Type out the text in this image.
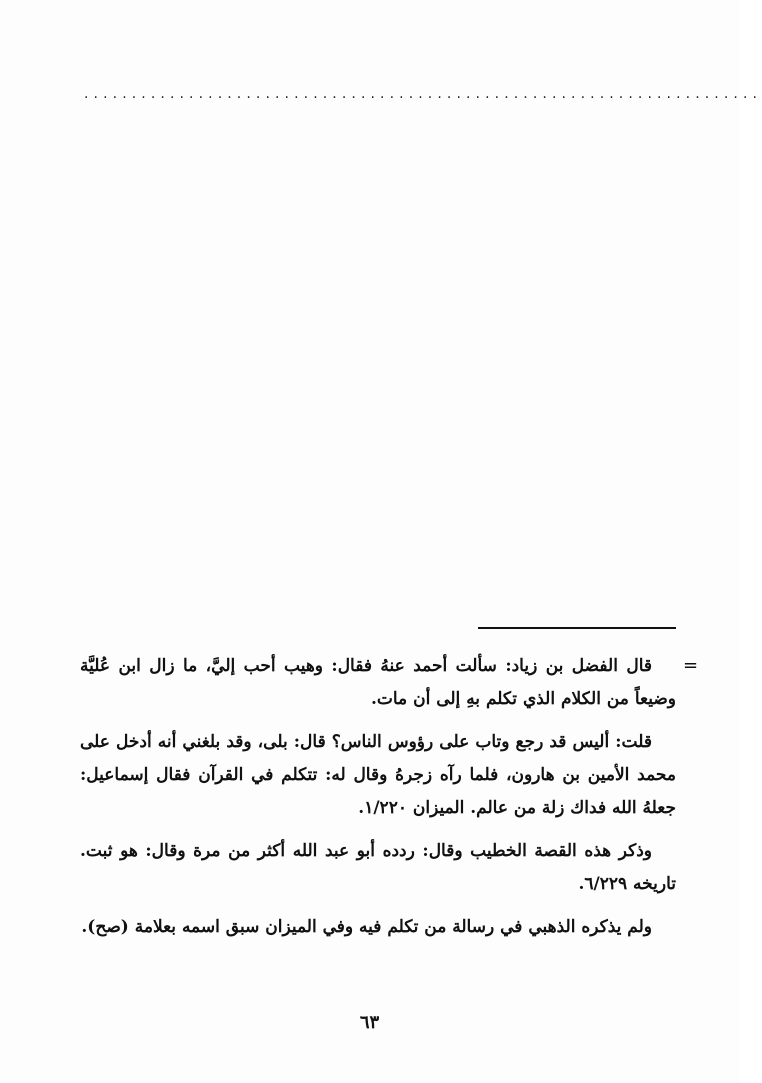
.......................................................................
=

قال الفضل بن زياد: سألت أحمد عنهُ فقال: وهيب أحب إليَّ، ما زال ابن عُليَّة وضيعاً من الكلام الذي تكلم بهِ إلى أن مات.

قلت: أليس قد رجع وتاب على رؤوس الناس؟ قال: بلى، وقد بلغني أنه أدخل على محمد الأمين بن هارون، فلما رآه زجرهُ وقال له: تتكلم في القرآن فقال إسماعيل: جعلهُ الله فداك زلة من عالم. الميزان ١/٢٢٠.

وذكر هذه القصة الخطيب وقال: ردده أبو عبد الله أكثر من مرة وقال: هو ثبت. تاريخه ٦/٢٢٩.

ولم يذكره الذهبي في رسالة من تكلم فيه وفي الميزان سبق اسمه بعلامة (صح).

٦٣
